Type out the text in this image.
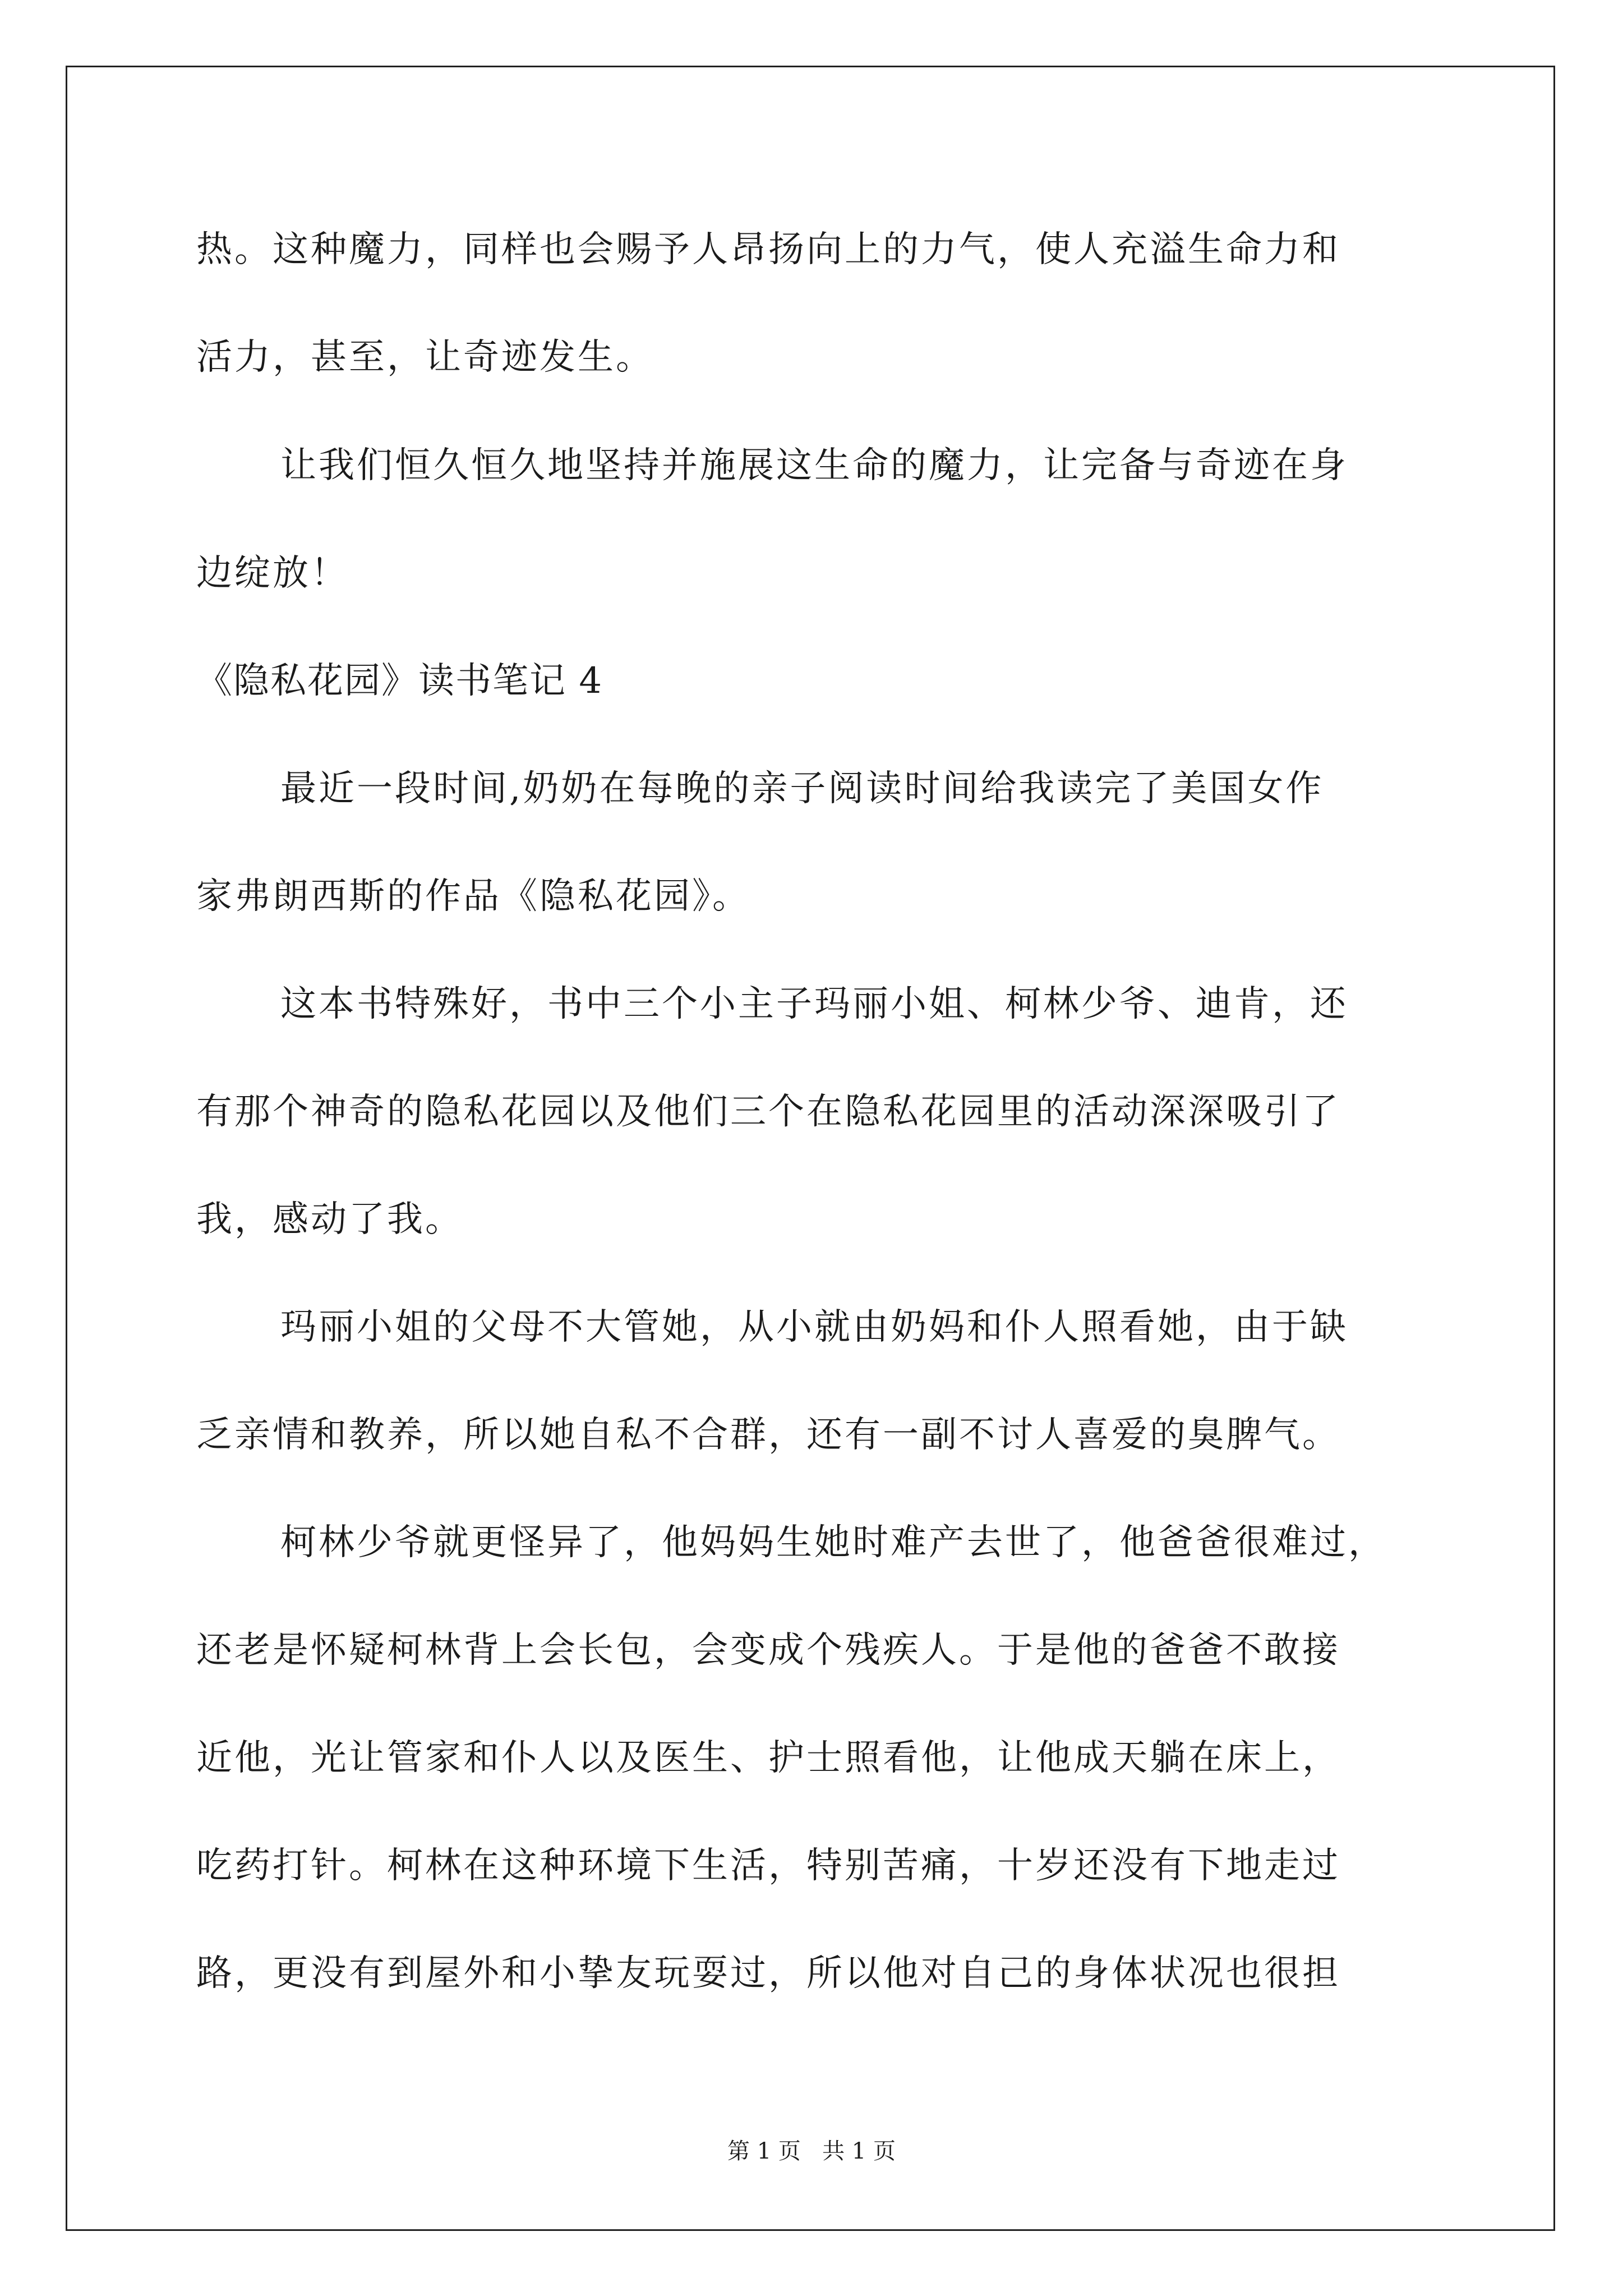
热。这种魔力，同样也会赐予人昂扬向上的力气，使人充溢生命力和
活力，甚至，让奇迹发生。
让我们恒久恒久地坚持并施展这生命的魔力，让完备与奇迹在身
边绽放！
《隐私花园》读书笔记 4
最近一段时间,奶奶在每晚的亲子阅读时间给我读完了美国女作
家弗朗西斯的作品《隐私花园》。
这本书特殊好，书中三个小主子玛丽小姐、柯林少爷、迪肯，还
有那个神奇的隐私花园以及他们三个在隐私花园里的活动深深吸引了
我，感动了我。
玛丽小姐的父母不大管她，从小就由奶妈和仆人照看她，由于缺
乏亲情和教养，所以她自私不合群，还有一副不讨人喜爱的臭脾气。
柯林少爷就更怪异了，他妈妈生她时难产去世了，他爸爸很难过，
还老是怀疑柯林背上会长包，会变成个残疾人。于是他的爸爸不敢接
近他，光让管家和仆人以及医生、护士照看他，让他成天躺在床上，
吃药打针。柯林在这种环境下生活，特别苦痛，十岁还没有下地走过
路，更没有到屋外和小挚友玩耍过，所以他对自己的身体状况也很担
第 1 页   共 1 页
